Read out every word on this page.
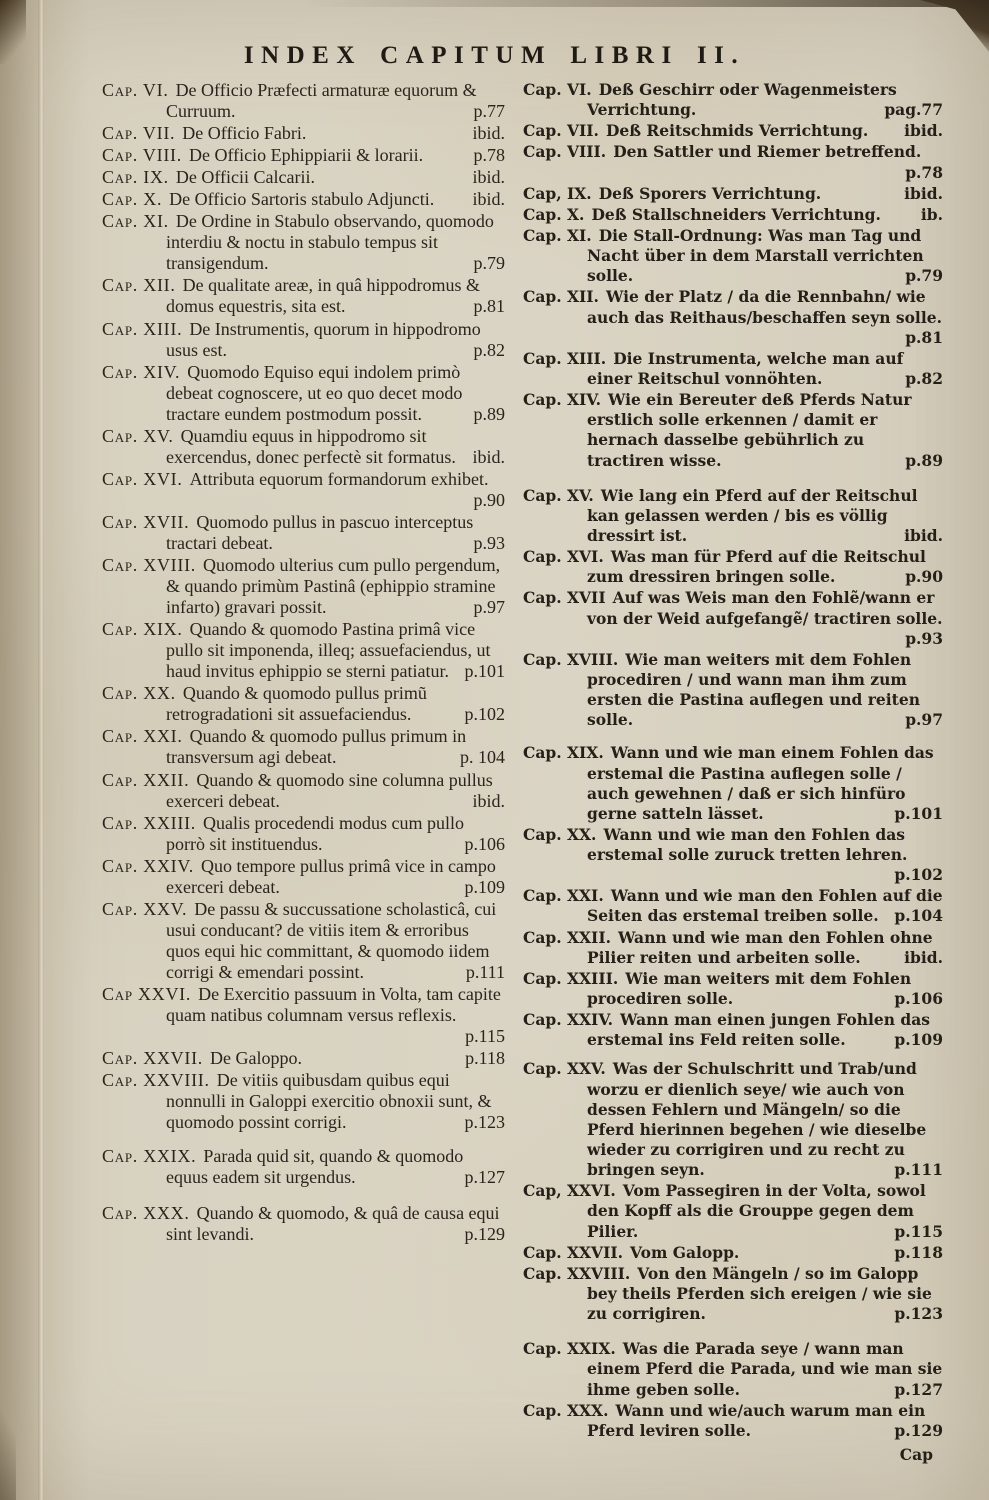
INDEX CAPITUM LIBRI II.
Cap. VI. De Officio Præfecti armaturæ equorum & Curruum.	p.77
Cap. VII. De Officio Fabri.	ibid.
Cap. VIII. De Officio Ephippiarii & lorarii.	p.78
Cap. IX. De Officii Calcarii.	ibid.
Cap. X. De Officio Sartoris stabulo Adjuncti. ibid.
Cap. XI. De Ordine in Stabulo observando, quomodo interdiu & noctu in stabulo tempus sit transigendum.	p.79
Cap. XII. De qualitate areæ, in quâ hippodromus & domus equestris, sita est.	p.81
Cap. XIII. De Instrumentis, quorum in hippodromo usus est.	p.82
Cap. XIV. Quomodo Equiso equi indolem primò debeat cognoscere, ut eo quo decet modo tractare eundem postmodum possit.	p.89
Cap. XV. Quamdiu equus in hippodromo sit exercendus, donec perfectè sit formatus. ibid.
Cap. XVI. Attributa equorum formandorum exhibet.
p.90
Cap. XVII. Quomodo pullus in pascuo interceptus tractari debeat.	p.93
Cap. XVIII. Quomodo ulterius cum pullo pergendum, & quando primùm Pastinâ (ephippio stramine infarto) gravari possit.	p.97
Cap. XIX. Quando & quomodo Pastina primâ vice pullo sit imponenda, illeq; assuefaciendus, ut haud invitus ephippio se sterni patiatur. p.101
Cap. XX. Quando & quomodo pullus primũ retrogradationi sit assuefaciendus.	p.102
Cap. XXI. Quando & quomodo pullus primum in transversum agi debeat.	p. 104
Cap. XXII. Quando & quomodo sine columna pullus exerceri debeat.	ibid.
Cap. XXIII. Qualis procedendi modus cum pullo porrò sit instituendus.	p.106
Cap. XXIV. Quo tempore pullus primâ vice in campo exerceri debeat.	p.109
Cap. XXV. De passu & succussatione scholasticâ, cui usui conducant? de vitiis item & erroribus quos equi hic committant, & quomodo iidem corrigi & emendari possint.	p.111
Cap XXVI. De Exercitio passuum in Volta, tam capite quam natibus columnam versus reflexis.
p.115
Cap. XXVII. De Galoppo.	p.118
Cap. XXVIII. De vitiis quibusdam quibus equi nonnulli in Galoppi exercitio obnoxii sunt, & quomodo possint corrigi.	p.123
Cap. XXIX. Parada quid sit, quando & quomodo equus eadem sit urgendus.	p.127
Cap. XXX. Quando & quomodo, & quâ de causa equi sint levandi.	p.129
Cap. VI. Deß Geschirr oder Wagenmeisters Verrichtung.	pag.77
Cap. VII. Deß Reitschmids Verrichtung. ibid.
Cap. VIII. Den Sattler und Riemer betreffend.
p.78
Cap, IX. Deß Sporers Verrichtung.	ibid.
Cap. X. Deß Stallschneiders Verrichtung.	ib.
Cap. XI. Die Stall-Ordnung: Was man Tag und Nacht über in dem Marstall verrichten solle.	p.79
Cap. XII. Wie der Platz / da die Rennbahn/ wie auch das Reithaus/beschaffen seyn solle.
p.81
Cap. XIII. Die Instrumenta, welche man auf einer Reitschul vonnöhten.	p.82
Cap. XIV. Wie ein Bereuter deß Pferds Natur erstlich solle erkennen / damit er hernach dasselbe gebührlich zu tractiren wisse.	p.89
Cap. XV. Wie lang ein Pferd auf der Reitschul kan gelassen werden / bis es völlig dressirt ist.	ibid.
Cap. XVI. Was man für Pferd auf die Reitschul zum dressiren bringen solle.	p.90
Cap. XVII Auf was Weis man den Fohlẽ/wann er von der Weid aufgefangẽ/ tractiren solle.
p.93
Cap. XVIII. Wie man weiters mit dem Fohlen procediren / und wann man ihm zum ersten die Pastina auflegen und reiten solle.	p.97
Cap. XIX. Wann und wie man einem Fohlen das erstemal die Pastina auflegen solle / auch gewehnen / daß er sich hinfüro gerne satteln lässet.	p.101
Cap. XX. Wann und wie man den Fohlen das erstemal solle zuruck tretten lehren.
p.102
Cap. XXI. Wann und wie man den Fohlen auf die Seiten das erstemal treiben solle. p.104
Cap. XXII. Wann und wie man den Fohlen ohne Pilier reiten und arbeiten solle.	ibid.
Cap. XXIII. Wie man weiters mit dem Fohlen procediren solle.	p.106
Cap. XXIV. Wann man einen jungen Fohlen das erstemal ins Feld reiten solle.	p.109
Cap. XXV. Was der Schulschritt und Trab/und worzu er dienlich seye/ wie auch von dessen Fehlern und Mängeln/ so die Pferd hierinnen begehen / wie dieselbe wieder zu corrigiren und zu recht zu bringen seyn.	p.111
Cap, XXVI. Vom Passegiren in der Volta, sowol den Kopff als die Grouppe gegen dem Pilier.	p.115
Cap. XXVII. Vom Galopp.	p.118
Cap. XXVIII. Von den Mängeln / so im Galopp bey theils Pferden sich ereigen / wie sie zu corrigiren.	p.123
Cap. XXIX. Was die Parada seye / wann man einem Pferd die Parada, und wie man sie ihme geben solle.	p.127
Cap. XXX. Wann und wie/auch warum man ein Pferd leviren solle.	p.129
Cap
